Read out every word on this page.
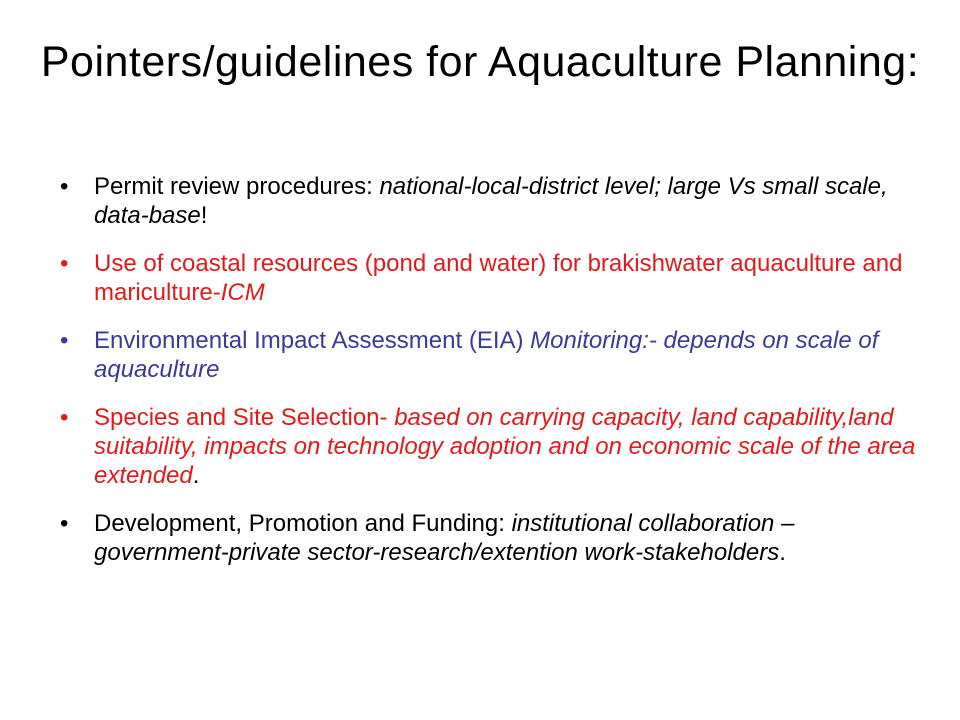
Pointers/guidelines for Aquaculture Planning:
•	Permit review procedures: national-local-district level; large Vs small scale, data-base!
•	Use of coastal resources (pond and water) for brakishwater aquaculture and mariculture-ICM
•	Environmental Impact Assessment (EIA) Monitoring:- depends on scale of aquaculture
•	Species and Site Selection- based on carrying capacity, land capability,land suitability, impacts on technology adoption and on economic scale of the area extended.
•	Development, Promotion and Funding: institutional collaboration –government-private sector-research/extention work-stakeholders.
